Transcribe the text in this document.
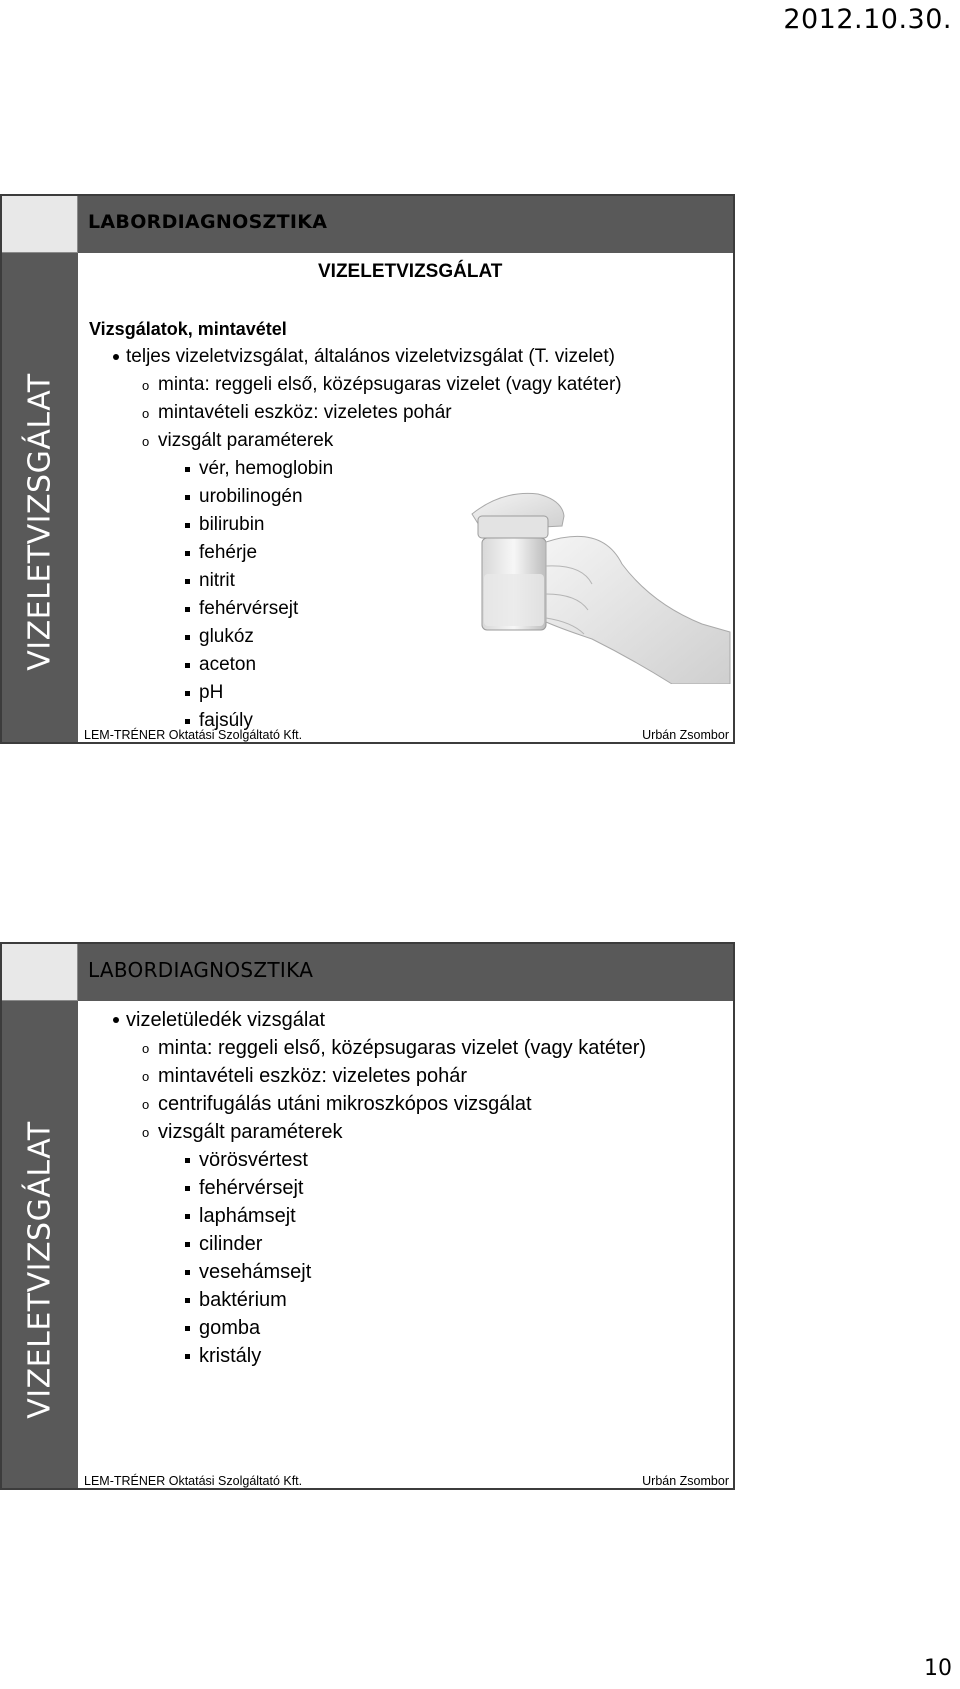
2012.10.30.
VIZELETVIZSGÁLAT
LABORDIAGNOSZTIKA
VIZELETVIZSGÁLAT
Vizsgálatok, mintavétel
teljes vizeletvizsgálat, általános vizeletvizsgálat (T. vizelet)
o minta: reggeli első, középsugaras vizelet (vagy katéter)
o mintavételi eszköz: vizeletes pohár
o vizsgált paraméterek
vér, hemoglobin
urobilinogén
bilirubin
fehérje
nitrit
fehérvérsejt
glukóz
aceton
pH
fajsúly
LEM-TRÉNER Oktatási Szolgáltató Kft.	Urbán Zsombor
VIZELETVIZSGÁLAT
LABORDIAGNOSZTIKA
vizeletüledék vizsgálat
o minta: reggeli első, középsugaras vizelet (vagy katéter)
o mintavételi eszköz: vizeletes pohár
o centrifugálás utáni mikroszkópos vizsgálat
o vizsgált paraméterek
vörösvértest
fehérvérsejt
laphámsejt
cilinder
vesehámsejt
baktérium
gomba
kristály
LEM-TRÉNER Oktatási Szolgáltató Kft.	Urbán Zsombor
10
